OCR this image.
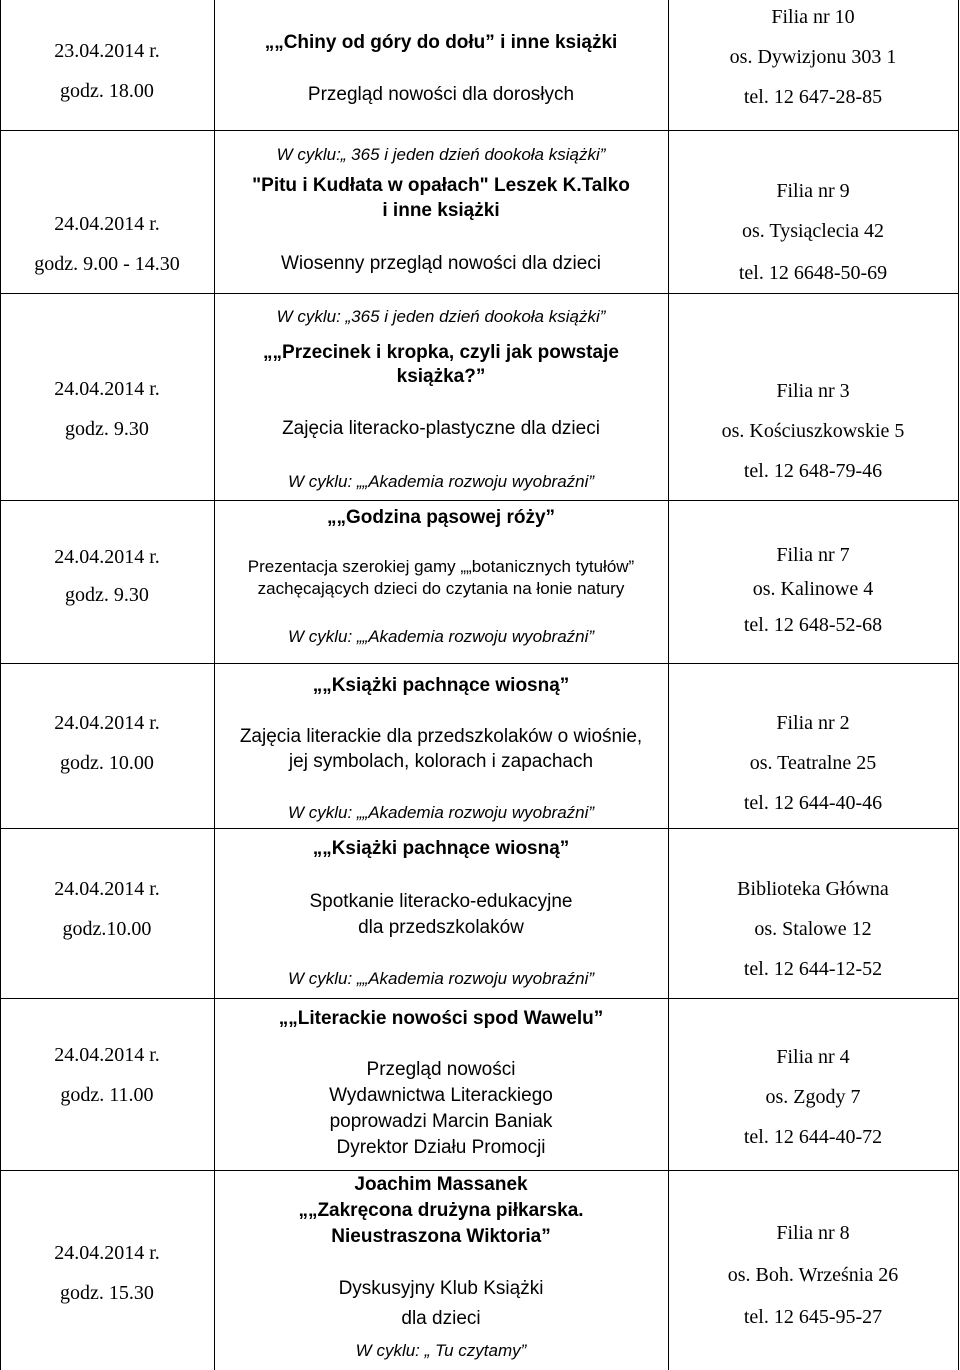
23.04.2014 r.
godz. 18.00
„„Chiny od góry do dołu” i inne książki
Przegląd nowości dla dorosłych
Filia nr 10
os. Dywizjonu 303 1
tel. 12 647-28-85
W cyklu:„ 365 i jeden dzień dookoła książki”
24.04.2014 r.
godz. 9.00 - 14.30
"Pitu i Kudłata w opałach" Leszek K.Talko
i inne książki
Wiosenny przegląd nowości dla dzieci
Filia nr 9
os. Tysiąclecia 42
tel. 12 6648-50-69
W cyklu: „365 i jeden dzień dookoła książki”
24.04.2014 r.
godz. 9.30
„„Przecinek i kropka, czyli jak powstaje
książka?”
Zajęcia literacko-plastyczne dla dzieci
Filia nr 3
os. Kościuszkowskie 5
tel. 12 648-79-46
W cyklu: „„Akademia rozwoju wyobraźni”
24.04.2014 r.
godz. 9.30
„„Godzina pąsowej róży”
Prezentacja szerokiej gamy „„botanicznych tytułów”
zachęcających dzieci do czytania na łonie natury
Filia nr 7
os. Kalinowe 4
tel. 12 648-52-68
W cyklu: „„Akademia rozwoju wyobraźni”
24.04.2014 r.
godz. 10.00
„„Książki pachnące wiosną”
Zajęcia literackie dla przedszkolaków o wiośnie,
jej symbolach, kolorach i zapachach
Filia nr 2
os. Teatralne 25
tel. 12 644-40-46
W cyklu: „„Akademia rozwoju wyobraźni”
24.04.2014 r.
godz.10.00
„„Książki pachnące wiosną”
Spotkanie literacko-edukacyjne
dla przedszkolaków
Biblioteka Główna
os. Stalowe 12
tel. 12 644-12-52
W cyklu: „„Akademia rozwoju wyobraźni”
24.04.2014 r.
godz. 11.00
„„Literackie nowości spod Wawelu”
Przegląd nowości
Wydawnictwa Literackiego
poprowadzi Marcin Baniak
Dyrektor Działu Promocji
Filia nr 4
os. Zgody 7
tel. 12 644-40-72
24.04.2014 r.
godz. 15.30
Joachim Massanek
„„Zakręcona drużyna piłkarska.
Nieustraszona Wiktoria”
Dyskusyjny Klub Książki
dla dzieci
W cyklu: „ Tu czytamy”
Filia nr 8
os. Boh. Września 26
tel. 12 645-95-27
